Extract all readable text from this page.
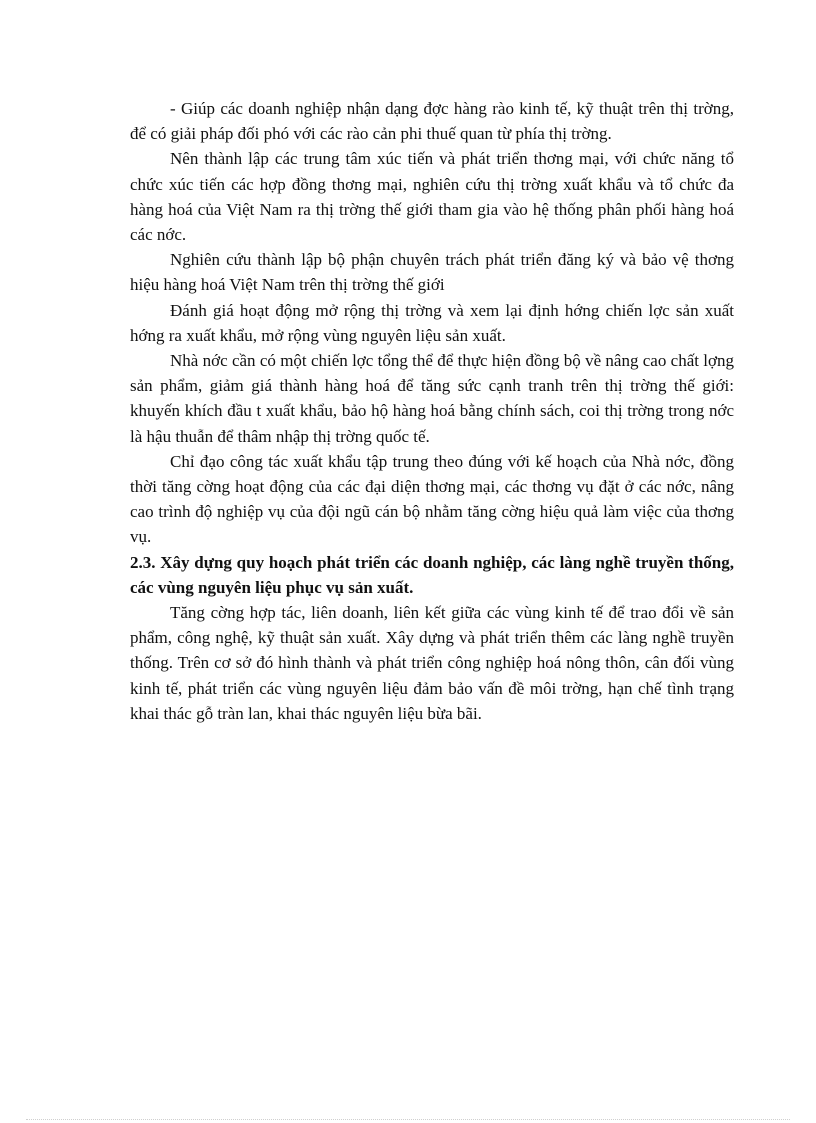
- Giúp các doanh nghiệp nhận dạng đợc hàng rào kinh tế, kỹ thuật trên thị trờng, để có giải pháp đối phó với các rào cản phi thuế quan từ phía thị trờng.

Nên thành lập các trung tâm xúc tiến và phát triển thơng mại, với chức năng tổ chức xúc tiến các hợp đồng thơng mại, nghiên cứu thị trờng xuất khẩu và tổ chức đa hàng hoá của Việt Nam ra thị trờng thế giới tham gia vào hệ thống phân phối hàng hoá các nớc.

Nghiên cứu thành lập bộ phận chuyên trách phát triển đăng ký và bảo vệ thơng hiệu hàng hoá Việt Nam trên thị trờng thế giới

Đánh giá hoạt động mở rộng thị trờng và xem lại định hớng chiến lợc sản xuất hớng ra xuất khẩu, mở rộng vùng nguyên liệu sản xuất.

Nhà nớc cần có một chiến lợc tổng thể để thực hiện đồng bộ về nâng cao chất lợng sản phẩm, giảm giá thành hàng hoá để tăng sức cạnh tranh trên thị trờng thế giới: khuyến khích đầu t xuất khẩu, bảo hộ hàng hoá bằng chính sách, coi thị trờng trong nớc là hậu thuẫn để thâm nhập thị trờng quốc tế.

Chỉ đạo công tác xuất khẩu tập trung theo đúng với kế hoạch của Nhà nớc, đồng thời tăng cờng hoạt động của các đại diện thơng mại, các thơng vụ đặt ở các nớc, nâng cao trình độ nghiệp vụ của đội ngũ cán bộ nhằm tăng cờng hiệu quả làm việc của thơng vụ.

2.3. Xây dựng quy hoạch phát triển các doanh nghiệp, các làng nghề truyền thống, các vùng nguyên liệu phục vụ sản xuất.

Tăng cờng hợp tác, liên doanh, liên kết giữa các vùng kinh tế để trao đổi về sản phẩm, công nghệ, kỹ thuật sản xuất. Xây dựng và phát triển thêm các làng nghề truyền thống. Trên cơ sở đó hình thành và phát triển công nghiệp hoá nông thôn, cân đối vùng kinh tế, phát triển các vùng nguyên liệu đảm bảo vấn đề môi trờng, hạn chế tình trạng khai thác gỗ tràn lan, khai thác nguyên liệu bừa bãi.
